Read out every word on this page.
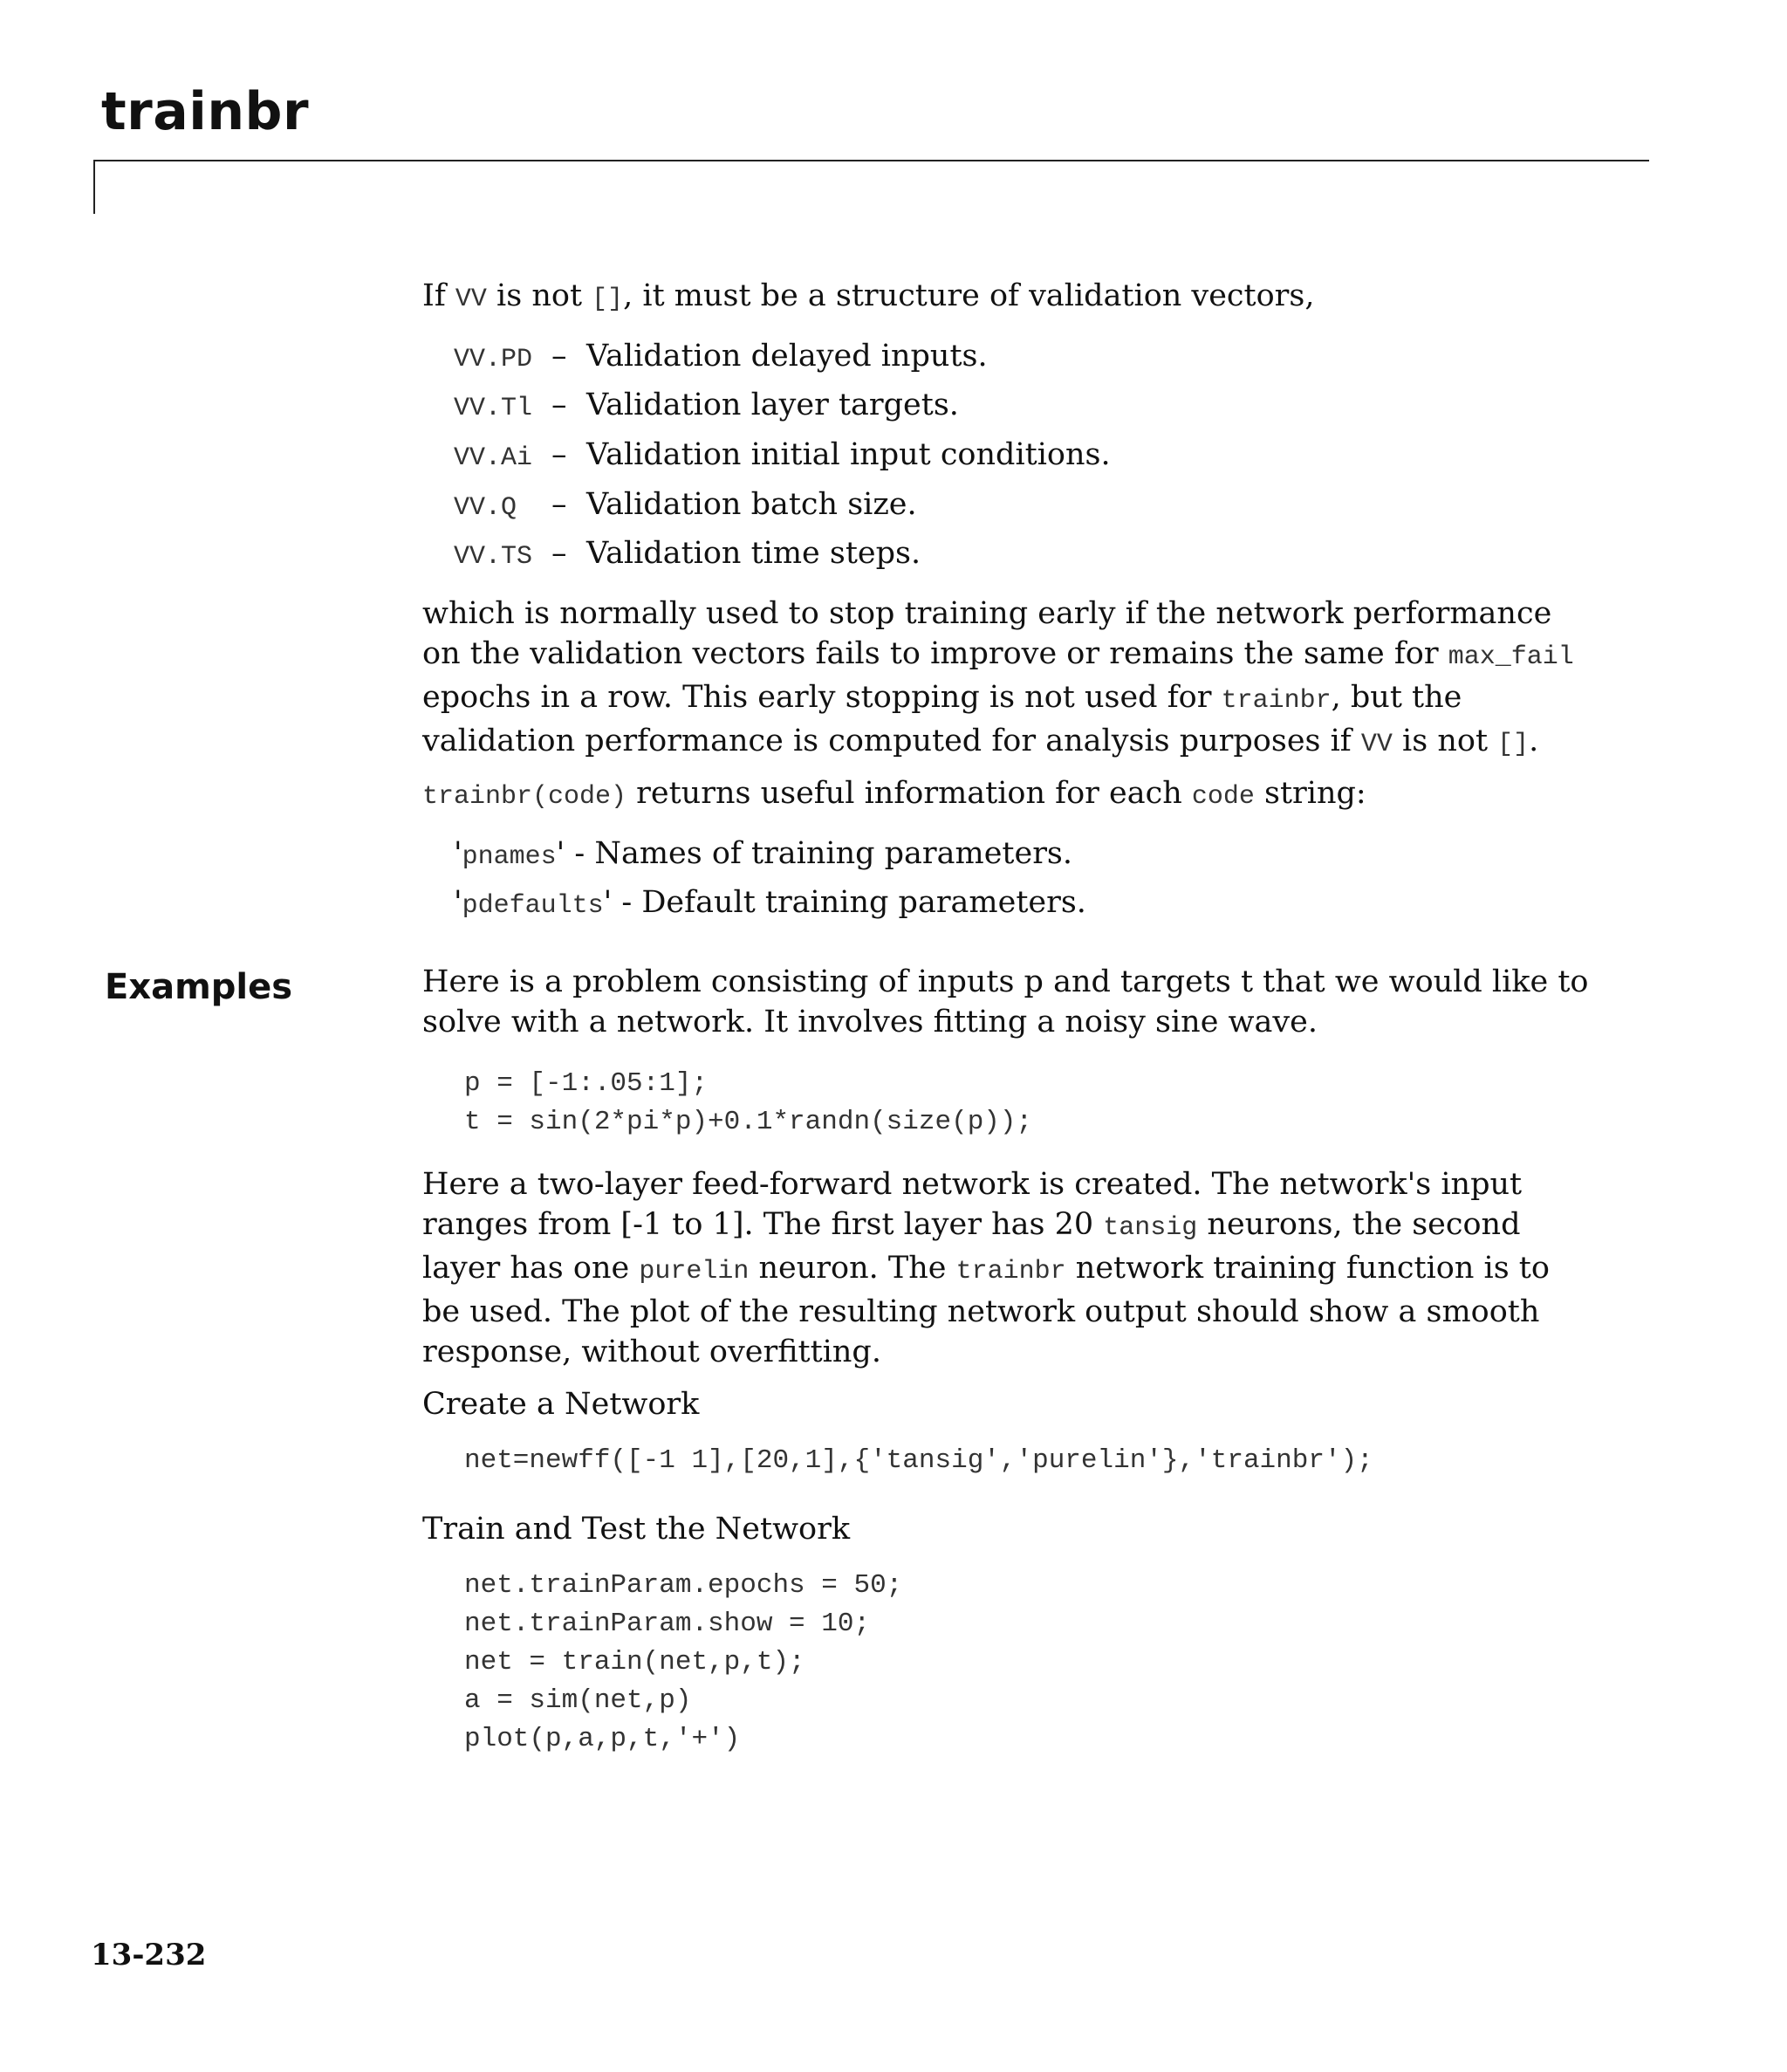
trainbr

If VV is not [], it must be a structure of validation vectors,

VV.PD – Validation delayed inputs.
VV.Tl – Validation layer targets.
VV.Ai – Validation initial input conditions.
VV.Q – Validation batch size.
VV.TS – Validation time steps.

which is normally used to stop training early if the network performance on the validation vectors fails to improve or remains the same for max_fail epochs in a row. This early stopping is not used for trainbr, but the validation performance is computed for analysis purposes if VV is not [].

trainbr(code) returns useful information for each code string:

'pnames' - Names of training parameters.
'pdefaults' - Default training parameters.
Examples	Here is a problem consisting of inputs p and targets t that we would like to solve with a network. It involves fitting a noisy sine wave.

p = [-1:.05:1];
t = sin(2*pi*p)+0.1*randn(size(p));

Here a two-layer feed-forward network is created. The network's input ranges from [-1 to 1]. The first layer has 20 tansig neurons, the second layer has one purelin neuron. The trainbr network training function is to be used. The plot of the resulting network output should show a smooth response, without overfitting.

Create a Network

net=newff([-1 1],[20,1],{'tansig','purelin'},'trainbr');

Train and Test the Network

net.trainParam.epochs = 50;
net.trainParam.show = 10;
net = train(net,p,t);
a = sim(net,p)
plot(p,a,p,t,'+')
13-232
